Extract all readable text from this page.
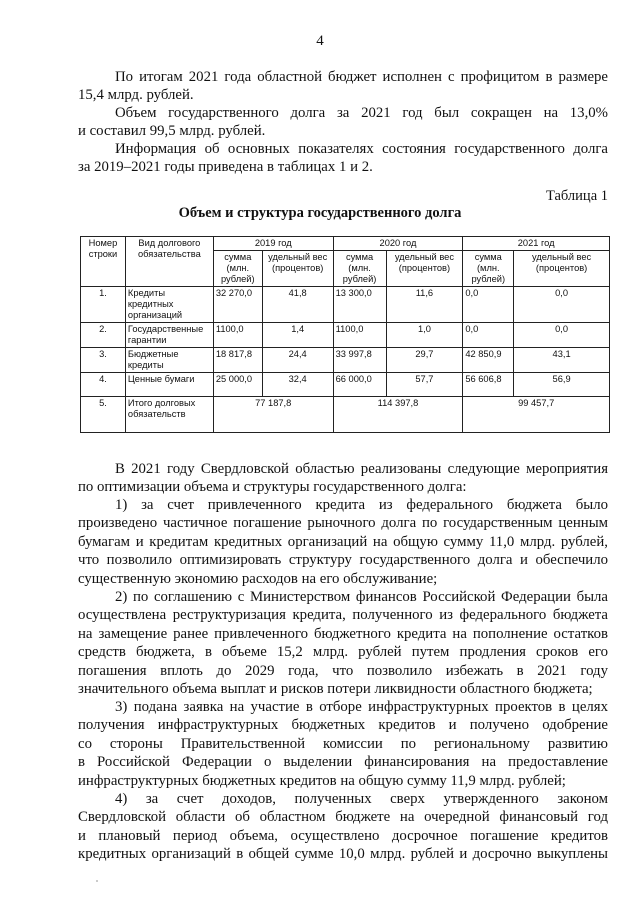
4
По итогам 2021 года областной бюджет исполнен с профицитом в размере
15,4 млрд. рублей.
Объем государственного долга за 2021 год был сокращен на 13,0%
и составил 99,5 млрд. рублей.
Информация об основных показателях состояния государственного долга
за 2019–2021 годы приведена в таблицах 1 и 2.
Таблица 1
Объем и структура государственного долга
Номер строки	Вид долгового обязательства	2019 год		2020 год		2021 год	
		сумма (млн. рублей)	удельный вес (процентов)	сумма (млн. рублей)	удельный вес (процентов)	сумма (млн. рублей)	удельный вес (процентов)
1.	Кредиты кредитных организаций	32 270,0	41,8	13 300,0	11,6	0,0	0,0
2.	Государственные гарантии	1100,0	1,4	1100,0	1,0	0,0	0,0
3.	Бюджетные кредиты	18 817,8	24,4	33 997,8	29,7	42 850,9	43,1
4.	Ценные бумаги	25 000,0	32,4	66 000,0	57,7	56 606,8	56,9
5.	Итого долговых обязательств	77 187,8		114 397,8		99 457,7	
В 2021 году Свердловской областью реализованы следующие мероприятия
по оптимизации объема и структуры государственного долга:
1) за счет привлеченного кредита из федерального бюджета было
произведено частичное погашение рыночного долга по государственным ценным
бумагам и кредитам кредитных организаций на общую сумму 11,0 млрд. рублей,
что позволило оптимизировать структуру государственного долга и обеспечило
существенную экономию расходов на его обслуживание;
2) по соглашению с Министерством финансов Российской Федерации была
осуществлена реструктуризация кредита, полученного из федерального бюджета
на замещение ранее привлеченного бюджетного кредита на пополнение остатков
средств бюджета, в объеме 15,2 млрд. рублей путем продления сроков его
погашения вплоть до 2029 года, что позволило избежать в 2021 году
значительного объема выплат и рисков потери ликвидности областного бюджета;
3) подана заявка на участие в отборе инфраструктурных проектов в целях
получения инфраструктурных бюджетных кредитов и получено одобрение
со стороны Правительственной комиссии по региональному развитию
в Российской Федерации о выделении финансирования на предоставление
инфраструктурных бюджетных кредитов на общую сумму 11,9 млрд. рублей;
4) за счет доходов, полученных сверх утвержденного законом
Свердловской области об областном бюджете на очередной финансовый год
и плановый период объема, осуществлено досрочное погашение кредитов
кредитных организаций в общей сумме 10,0 млрд. рублей и досрочно выкуплены
